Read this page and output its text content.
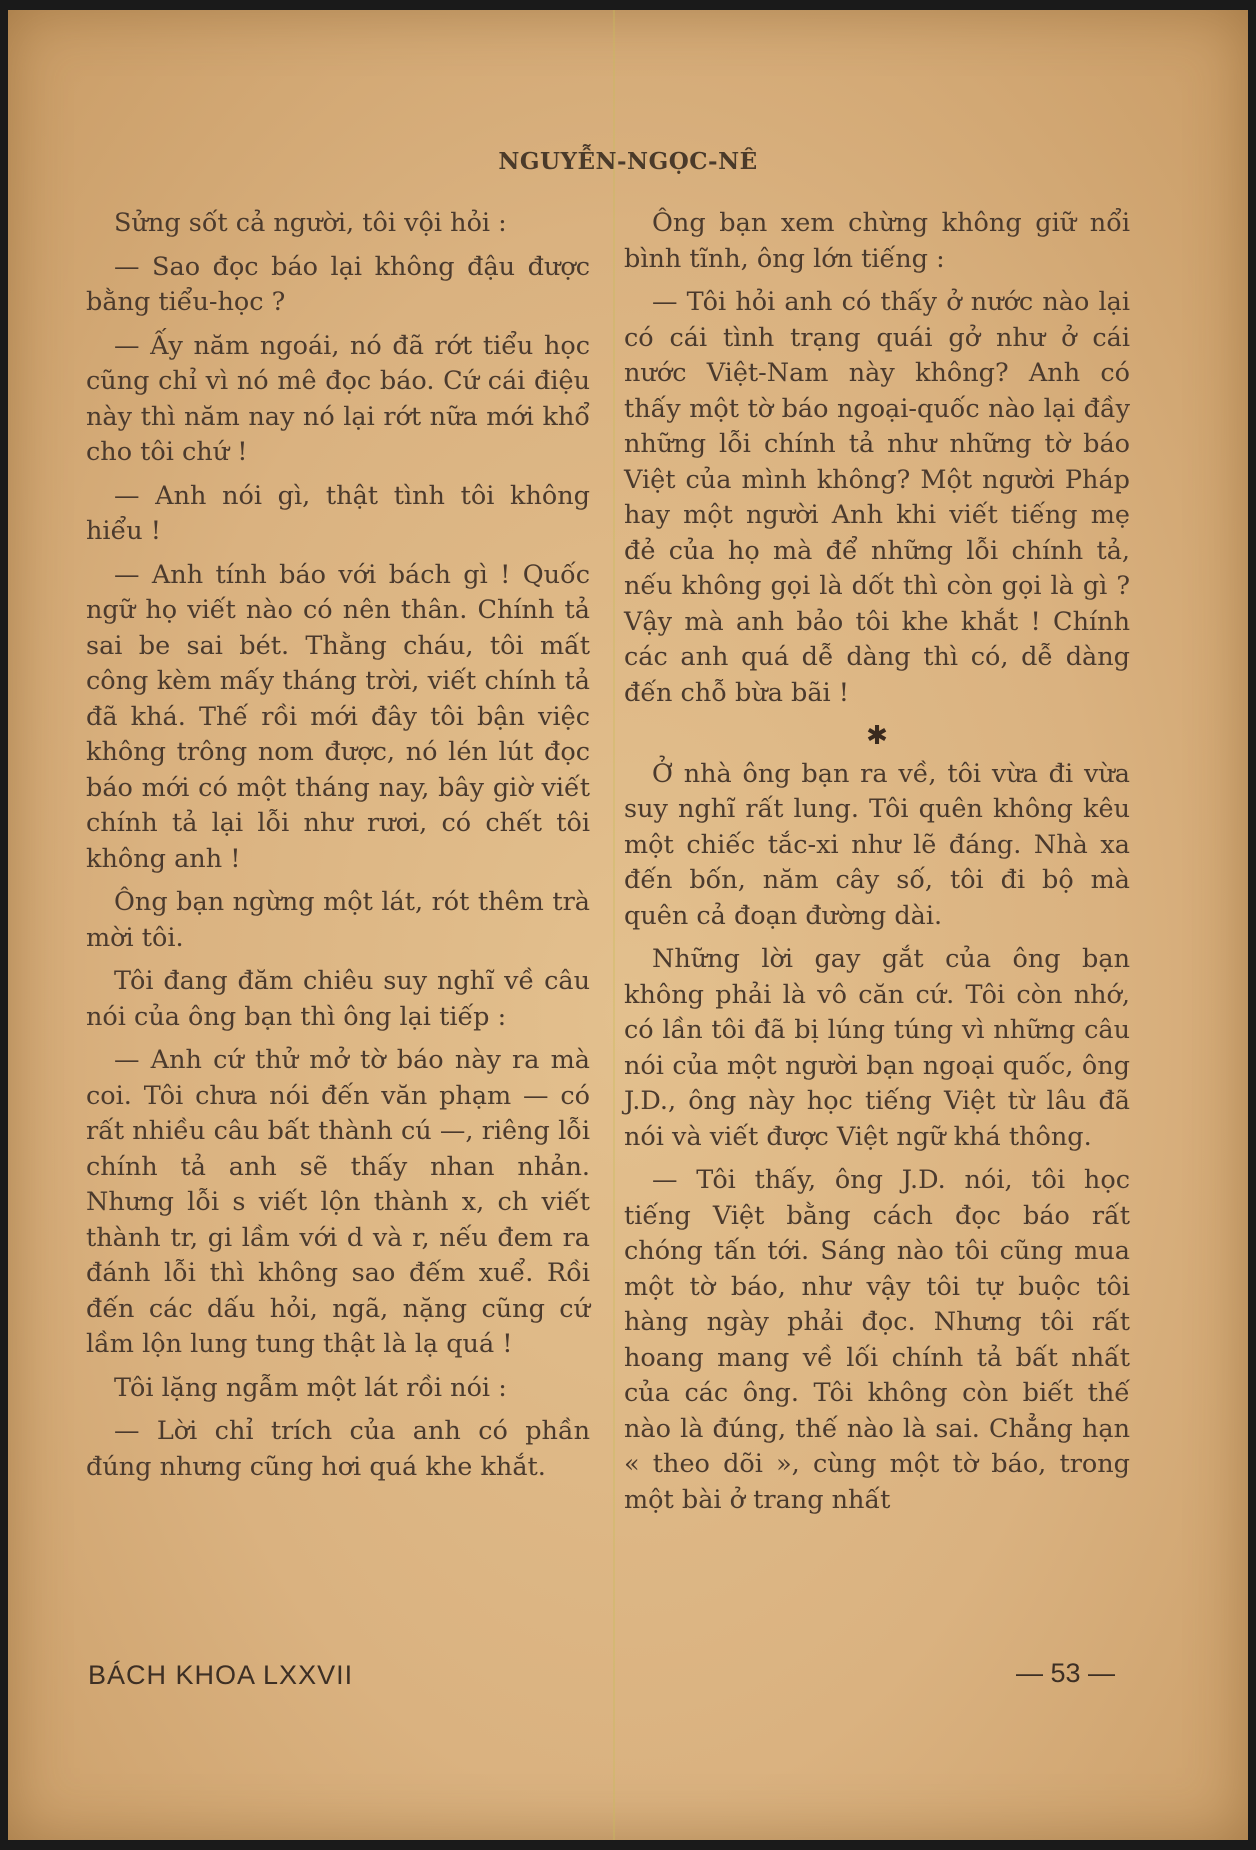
NGUYỄN-NGỌC-NÊ

Sửng sốt cả người, tôi vội hỏi :

— Sao đọc báo lại không đậu được bằng tiểu-học ?

— Ấy năm ngoái, nó đã rớt tiểu học cũng chỉ vì nó mê đọc báo. Cứ cái điệu này thì năm nay nó lại rớt nữa mới khổ cho tôi chứ !

— Anh nói gì, thật tình tôi không hiểu !

— Anh tính báo với bách gì ! Quốc ngữ họ viết nào có nên thân. Chính tả sai be sai bét. Thằng cháu, tôi mất công kèm mấy tháng trời, viết chính tả đã khá. Thế rồi mới đây tôi bận việc không trông nom được, nó lén lút đọc báo mới có một tháng nay, bây giờ viết chính tả lại lỗi như rươi, có chết tôi không anh !

Ông bạn ngừng một lát, rót thêm trà mời tôi.

Tôi đang đăm chiêu suy nghĩ về câu nói của ông bạn thì ông lại tiếp :

— Anh cứ thử mở tờ báo này ra mà coi. Tôi chưa nói đến văn phạm — có rất nhiều câu bất thành cú —, riêng lỗi chính tả anh sẽ thấy nhan nhản. Nhưng lỗi s viết lộn thành x, ch viết thành tr, gi lầm với d và r, nếu đem ra đánh lỗi thì không sao đếm xuể. Rồi đến các dấu hỏi, ngã, nặng cũng cứ lầm lộn lung tung thật là lạ quá !

Tôi lặng ngẫm một lát rồi nói :

— Lời chỉ trích của anh có phần đúng nhưng cũng hơi quá khe khắt.

Ông bạn xem chừng không giữ nổi bình tĩnh, ông lớn tiếng :

— Tôi hỏi anh có thấy ở nước nào lại có cái tình trạng quái gở như ở cái nước Việt-Nam này không? Anh có thấy một tờ báo ngoại-quốc nào lại đầy những lỗi chính tả như những tờ báo Việt của mình không? Một người Pháp hay một người Anh khi viết tiếng mẹ đẻ của họ mà để những lỗi chính tả, nếu không gọi là dốt thì còn gọi là gì ? Vậy mà anh bảo tôi khe khắt ! Chính các anh quá dễ dàng thì có, dễ dàng đến chỗ bừa bãi !

✱

Ở nhà ông bạn ra về, tôi vừa đi vừa suy nghĩ rất lung. Tôi quên không kêu một chiếc tắc-xi như lẽ đáng. Nhà xa đến bốn, năm cây số, tôi đi bộ mà quên cả đoạn đường dài.

Những lời gay gắt của ông bạn không phải là vô căn cứ. Tôi còn nhớ, có lần tôi đã bị lúng túng vì những câu nói của một người bạn ngoại quốc, ông J.D., ông này học tiếng Việt từ lâu đã nói và viết được Việt ngữ khá thông.

— Tôi thấy, ông J.D. nói, tôi học tiếng Việt bằng cách đọc báo rất chóng tấn tới. Sáng nào tôi cũng mua một tờ báo, như vậy tôi tự buộc tôi hàng ngày phải đọc. Nhưng tôi rất hoang mang về lối chính tả bất nhất của các ông. Tôi không còn biết thế nào là đúng, thế nào là sai. Chẳng hạn « theo dõi », cùng một tờ báo, trong một bài ở trang nhất

BÁCH KHOA LXXVII	— 53 —
